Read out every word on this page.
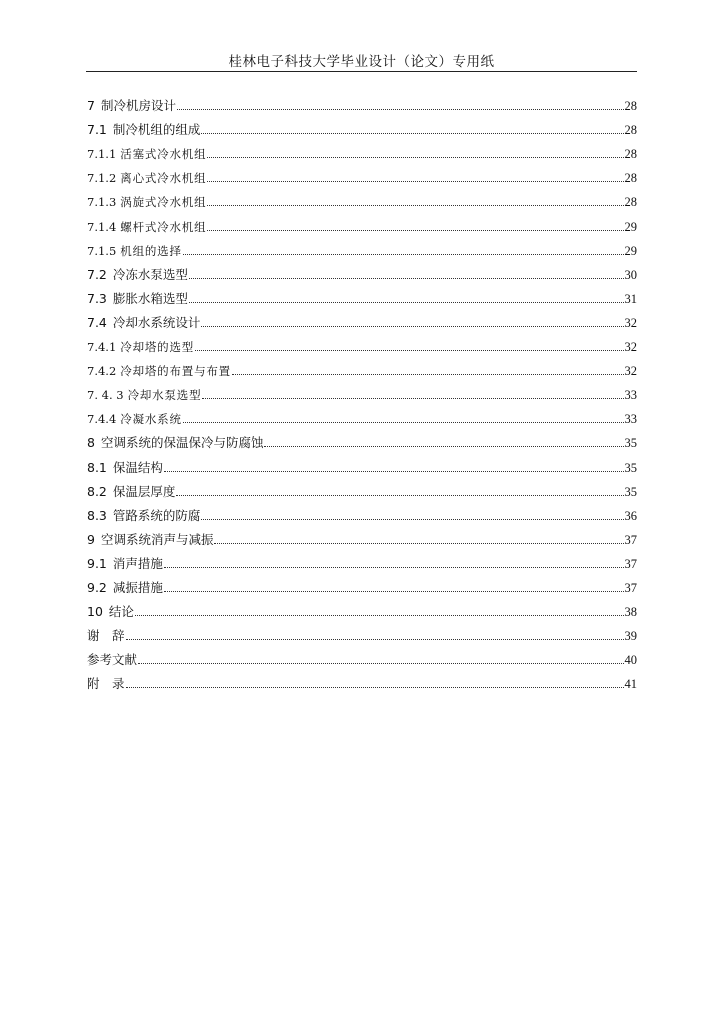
桂林电子科技大学毕业设计（论文）专用纸
7 制冷机房设计	28
7.1 制冷机组的组成	28
7.1.1 活塞式冷水机组	28
7.1.2 离心式冷水机组	28
7.1.3 涡旋式冷水机组	28
7.1.4 螺杆式冷水机组	29
7.1.5 机组的选择	29
7.2 冷冻水泵选型	30
7.3 膨胀水箱选型	31
7.4 冷却水系统设计	32
7.4.1 冷却塔的选型	32
7.4.2 冷却塔的布置与布置	32
7. 4. 3 冷却水泵选型	33
7.4.4 冷凝水系统	33
8 空调系统的保温保冷与防腐蚀	35
8.1 保温结构	35
8.2 保温层厚度	35
8.3 管路系统的防腐	36
9 空调系统消声与减振	37
9.1 消声措施	37
9.2 减振措施	37
10 结论	38
谢　辞	39
参考文献	40
附　录	41
